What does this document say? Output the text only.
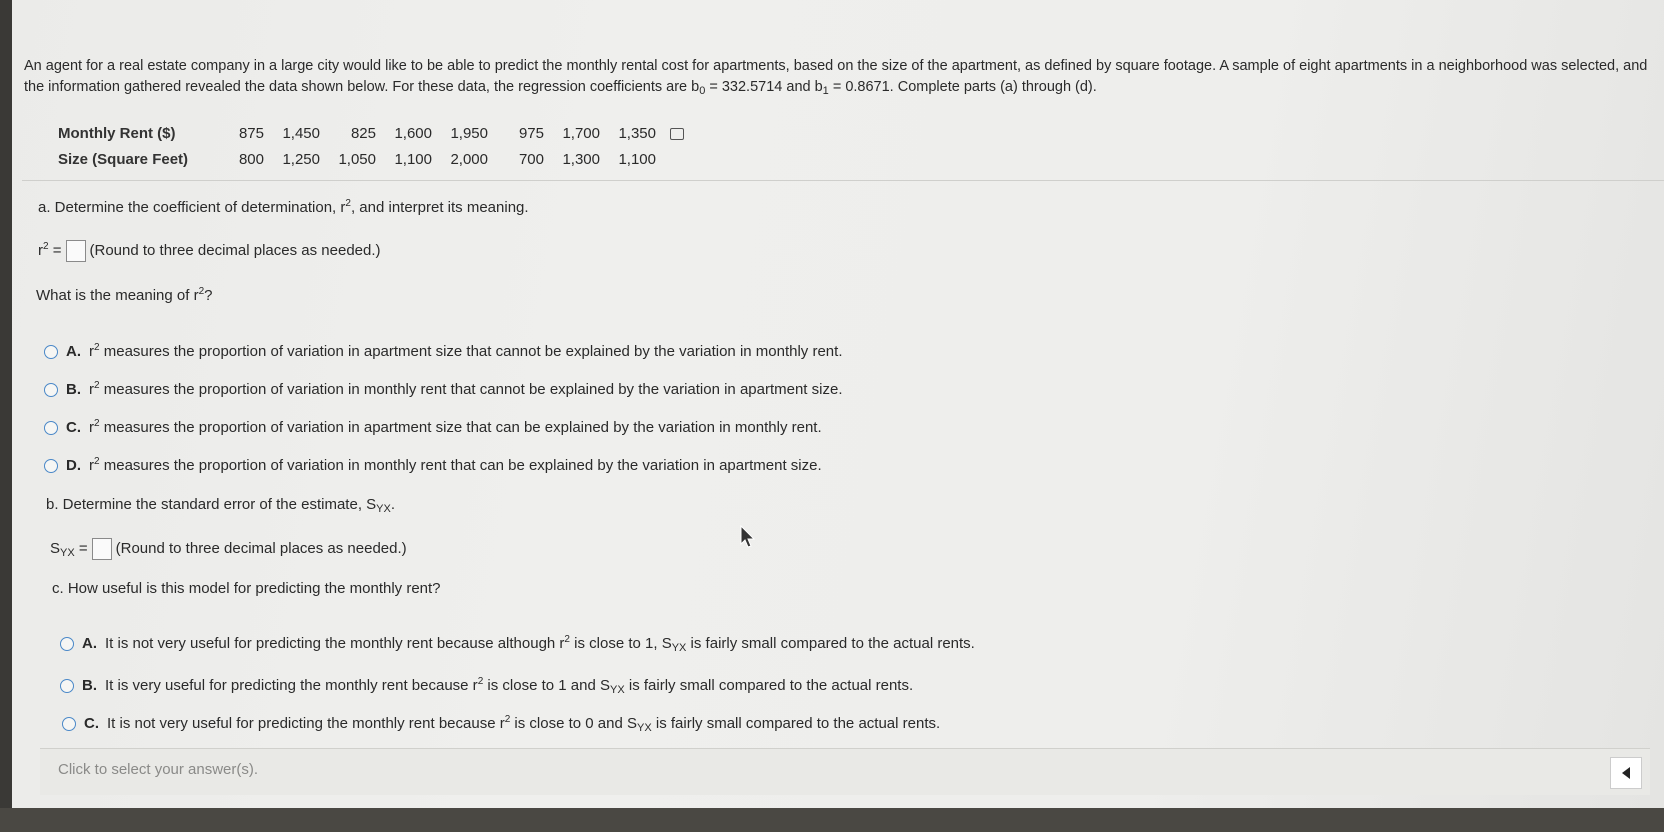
An agent for a real estate company in a large city would like to be able to predict the monthly rental cost for apartments, based on the size of the apartment, as defined by square footage. A sample of eight apartments in a neighborhood was selected, and the information gathered revealed the data shown below. For these data, the regression coefficients are $b_0 = 332.5714$ and $b_1 = 0.8671$. Complete parts (a) through (d).
Monthly Rent ($)	875	1,450	825	1,600	1,950	975	1,700	1,350	
Size (Square Feet)	800	1,250	1,050	1,100	2,000	700	1,300	1,100	
a. Determine the coefficient of determination, $r^2$, and interpret its meaning.
$r^2$ = (Round to three decimal places as needed.)
What is the meaning of $r^2$?
A. $r^2$ measures the proportion of variation in apartment size that cannot be explained by the variation in monthly rent.
B. $r^2$ measures the proportion of variation in monthly rent that cannot be explained by the variation in apartment size.
C. $r^2$ measures the proportion of variation in apartment size that can be explained by the variation in monthly rent.
D. $r^2$ measures the proportion of variation in monthly rent that can be explained by the variation in apartment size.
b. Determine the standard error of the estimate, $S_{YX}$.
$S_{YX}$ = (Round to three decimal places as needed.)
c. How useful is this model for predicting the monthly rent?
A. It is not very useful for predicting the monthly rent because although $r^2$ is close to 1, $S_{YX}$ is fairly small compared to the actual rents.
B. It is very useful for predicting the monthly rent because $r^2$ is close to 1 and $S_{YX}$ is fairly small compared to the actual rents.
C. It is not very useful for predicting the monthly rent because $r^2$ is close to 0 and $S_{YX}$ is fairly small compared to the actual rents.
Click to select your answer(s).
